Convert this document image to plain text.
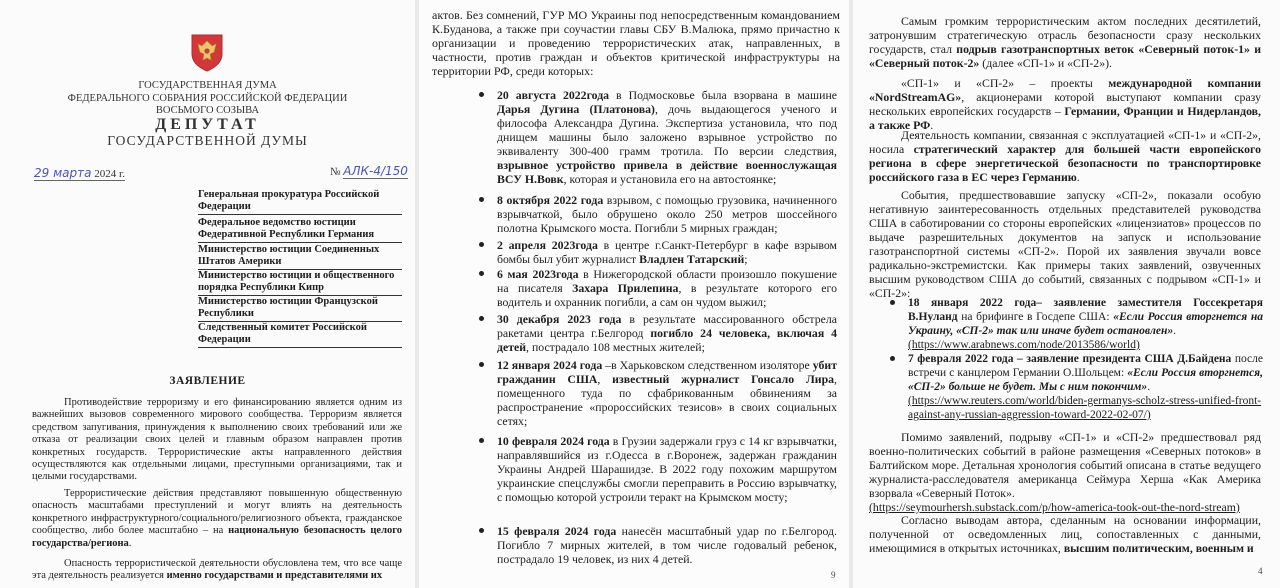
ГОСУДАРСТВЕННАЯ ДУМА
ФЕДЕРАЛЬНОГО СОБРАНИЯ РОССИЙСКОЙ ФЕДЕРАЦИИ
ВОСЬМОГО СОЗЫВА
ДЕПУТАТ
ГОСУДАРСТВЕННОЙ ДУМЫ
29 марта 2024 г.	№ АЛК-4/150
Генеральная прокуратура Российской Федерации
Федеральное ведомство юстиции Федеративной Республики Германия
Министерство юстиции Соединенных Штатов Америки
Министерство юстиции и общественного порядка Республики Кипр
Министерство юстиции Французской Республики
Следственный комитет Российской Федерации
ЗАЯВЛЕНИЕ
Противодействие терроризму и его финансированию является одним из важнейших вызовов современного мирового сообщества. Терроризм является средством запугивания, принуждения к выполнению своих требований или же отказа от реализации своих целей и главным образом направлен против конкретных государств. Террористические акты направленного действия осуществляются как отдельными лицами, преступными организациями, так и целыми государствами.
Террористические действия представляют повышенную общественную опасность масштабами преступлений и могут влиять на деятельность конкретного инфраструктурного/социального/религиозного объекта, гражданское сообщество, либо более масштабно – на национальную безопасность целого государства/региона.
Опасность террористической деятельности обусловлена тем, что все чаще эта деятельность реализуется именно государствами и представителями их
актов. Без сомнений, ГУР МО Украины под непосредственным командованием К.Буданова, а также при соучастии главы СБУ В.Малюка, прямо причастно к организации и проведению террористических атак, направленных, в частности, против граждан и объектов критической инфраструктуры на территории РФ, среди которых:
20 августа 2022года в Подмосковье была взорвана в машине Дарья Дугина (Платонова), дочь выдающегося ученого и философа Александра Дугина. Экспертиза установила, что под днищем машины было заложено взрывное устройство по эквиваленту 300-400 грамм тротила. По версии следствия, взрывное устройство привела в действие военнослужащая ВСУ Н.Вовк, которая и установила его на автостоянке;
8 октября 2022 года взрывом, с помощью грузовика, начиненного взрывчаткой, было обрушено около 250 метров шоссейного полотна Крымского моста. Погибли 5 мирных граждан;
2 апреля 2023года в центре г.Санкт-Петербург в кафе взрывом бомбы был убит журналист Владлен Татарский;
6 мая 2023года в Нижегородской области произошло покушение на писателя Захара Прилепина, в результате которого его водитель и охранник погибли, а сам он чудом выжил;
30 декабря 2023 года в результате массированного обстрела ракетами центра г.Белгород погибло 24 человека, включая 4 детей, пострадало 108 местных жителей;
12 января 2024 года –в Харьковском следственном изоляторе убит гражданин США, известный журналист Гонсало Лира, помещенного туда по сфабрикованным обвинениям за распространение «пророссийских тезисов» в своих социальных сетях;
10 февраля 2024 года в Грузии задержали груз с 14 кг взрывчатки, направлявшийся из г.Одесса в г.Воронеж, задержан гражданин Украины Андрей Шарашидзе. В 2022 году похожим маршрутом украинские спецслужбы смогли переправить в Россию взрывчатку, с помощью которой устроили теракт на Крымском мосту;
15 февраля 2024 года нанесён масштабный удар по г.Белгород. Погибло 7 мирных жителей, в том числе годовалый ребенок, пострадало 19 человек, из них 4 детей.
9
Самым громким террористическим актом последних десятилетий, затронувшим стратегическую отрасль безопасности сразу нескольких государств, стал подрыв газотранспортных веток «Северный поток-1» и «Северный поток-2» (далее «СП-1» и «СП-2»).
«СП-1» и «СП-2» – проекты международной компании «NordStreamAG», акционерами которой выступают компании сразу нескольких европейских государств – Германии, Франции и Нидерландов, а также РФ.
Деятельность компании, связанная с эксплуатацией «СП-1» и «СП-2», носила стратегический характер для большей части европейского региона в сфере энергетической безопасности по транспортировке российского газа в ЕС через Германию.
События, предшествовавшие запуску «СП-2», показали особую негативную заинтересованность отдельных представителей руководства США в саботировании со стороны европейских «лицензиатов» процессов по выдаче разрешительных документов на запуск и использование газотранспортной системы «СП-2». Порой их заявления звучали вовсе радикально-экстремистски. Как примеры таких заявлений, озвученных высшим руководством США до событий, связанных с подрывом «СП-1» и «СП-2»:
18 января 2022 года– заявление заместителя Госсекретаря В.Нуланд на брифинге в Госдепе США: «Если Россия вторгнется на Украину, «СП-2» так или иначе будет остановлен».
(https://www.arabnews.com/node/2013586/world)
7 февраля 2022 года – заявление президента США Д.Байдена после встречи с канцлером Германии О.Шольцем: «Если Россия вторгнется, «СП-2» больше не будет. Мы с ним покончим».
(https://www.reuters.com/world/biden-germanys-scholz-stress-unified-front-against-any-russian-aggression-toward-2022-02-07/)
Помимо заявлений, подрыву «СП-1» и «СП-2» предшествовал ряд военно-политических событий в районе размещения «Северных потоков» в Балтийском море. Детальная хронология событий описана в статье ведущего журналиста-расследователя американца Сеймура Херша «Как Америка взорвала «Северный Поток».
(https://seymourhersh.substack.com/p/how-america-took-out-the-nord-stream)
Согласно выводам автора, сделанным на основании информации, полученной от осведомленных лиц, сопоставленных с данными, имеющимися в открытых источниках, высшим политическим, военным и
4
